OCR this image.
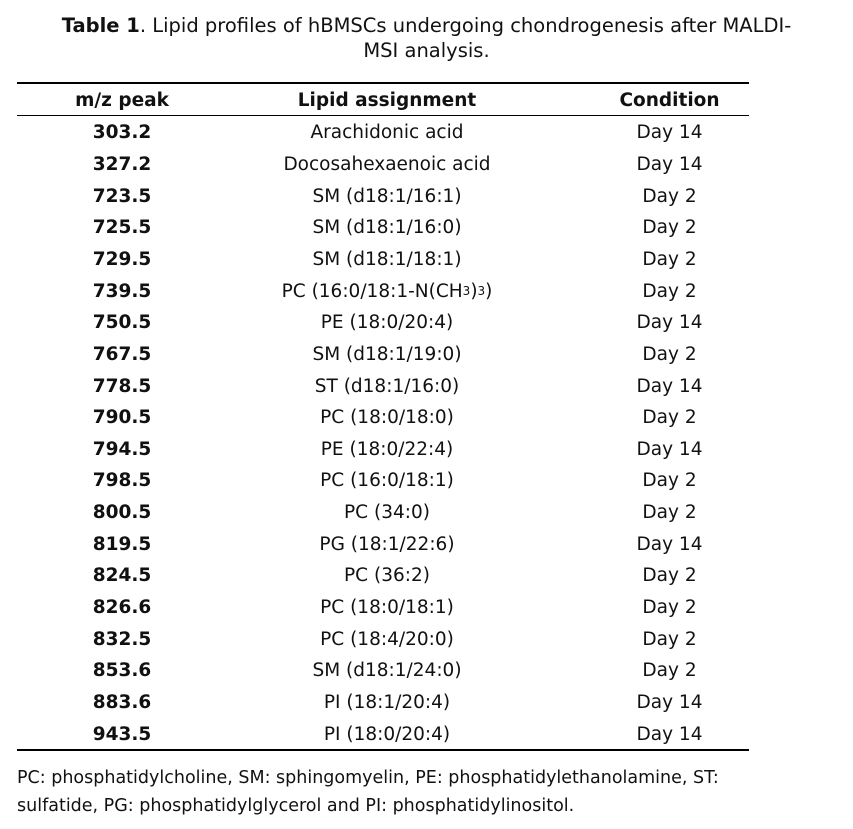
Table 1. Lipid profiles of hBMSCs undergoing chondrogenesis after MALDI-
MSI analysis.
m/z peak	Lipid assignment	Condition
303.2	Arachidonic acid	Day 14
327.2	Docosahexaenoic acid	Day 14
723.5	SM (d18:1/16:1)	Day 2
725.5	SM (d18:1/16:0)	Day 2
729.5	SM (d18:1/18:1)	Day 2
739.5	PC (16:0/18:1-N(CH 3 ) 3 )	Day 2
750.5	PE (18:0/20:4)	Day 14
767.5	SM (d18:1/19:0)	Day 2
778.5	ST (d18:1/16:0)	Day 14
790.5	PC (18:0/18:0)	Day 2
794.5	PE (18:0/22:4)	Day 14
798.5	PC (16:0/18:1)	Day 2
800.5	PC (34:0)	Day 2
819.5	PG (18:1/22:6)	Day 14
824.5	PC (36:2)	Day 2
826.6	PC (18:0/18:1)	Day 2
832.5	PC (18:4/20:0)	Day 2
853.6	SM (d18:1/24:0)	Day 2
883.6	PI (18:1/20:4)	Day 14
943.5	PI (18:0/20:4)	Day 14
PC: phosphatidylcholine, SM: sphingomyelin, PE: phosphatidylethanolamine, ST:
sulfatide, PG: phosphatidylglycerol and PI: phosphatidylinositol.
